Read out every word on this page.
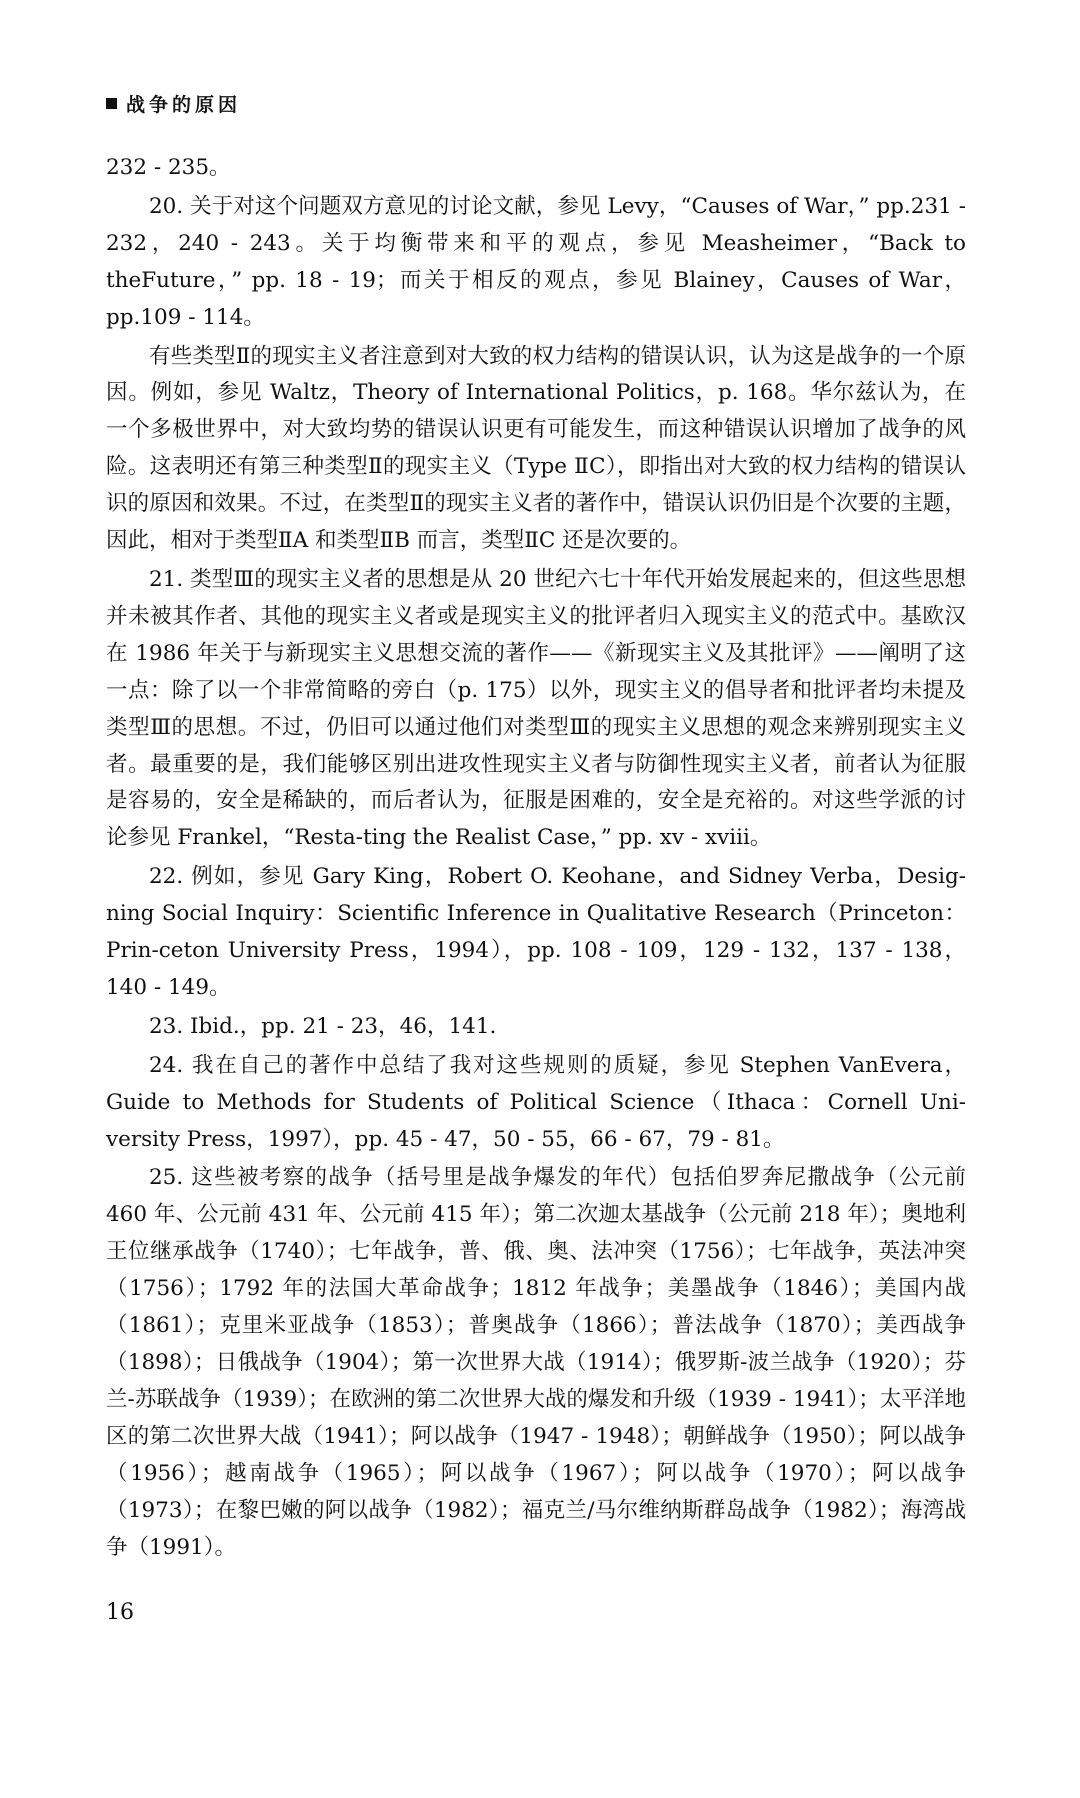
战争的原因
232 - 235。
20. 关于对这个问题双方意见的讨论文献，参见 Levy，“Causes of War，” pp.231 - 232，240 - 243。关于均衡带来和平的观点，参见 Measheimer，“Back to theFuture，” pp. 18 - 19；而关于相反的观点，参见 Blainey，Causes of War，pp.109 - 114。
有些类型Ⅱ的现实主义者注意到对大致的权力结构的错误认识，认为这是战争的一个原因。例如，参见 Waltz，Theory of International Politics，p. 168。华尔兹认为，在一个多极世界中，对大致均势的错误认识更有可能发生，而这种错误认识增加了战争的风险。这表明还有第三种类型Ⅱ的现实主义（Type ⅡC），即指出对大致的权力结构的错误认识的原因和效果。不过，在类型Ⅱ的现实主义者的著作中，错误认识仍旧是个次要的主题，因此，相对于类型ⅡA 和类型ⅡB 而言，类型ⅡC 还是次要的。
21. 类型Ⅲ的现实主义者的思想是从 20 世纪六七十年代开始发展起来的，但这些思想并未被其作者、其他的现实主义者或是现实主义的批评者归入现实主义的范式中。基欧汉在 1986 年关于与新现实主义思想交流的著作——《新现实主义及其批评》——阐明了这一点：除了以一个非常简略的旁白（p. 175）以外，现实主义的倡导者和批评者均未提及类型Ⅲ的思想。不过，仍旧可以通过他们对类型Ⅲ的现实主义思想的观念来辨别现实主义者。最重要的是，我们能够区别出进攻性现实主义者与防御性现实主义者，前者认为征服是容易的，安全是稀缺的，而后者认为，征服是困难的，安全是充裕的。对这些学派的讨论参见 Frankel，“Resta-ting the Realist Case，” pp. xv - xviii。
22. 例如，参见 Gary King，Robert O. Keohane，and Sidney Verba，Desig-ning Social Inquiry：Scientific Inference in Qualitative Research（Princeton：Prin-ceton University Press，1994），pp. 108 - 109，129 - 132，137 - 138，140 - 149。
23. Ibid.，pp. 21 - 23，46，141.
24. 我在自己的著作中总结了我对这些规则的质疑，参见 Stephen VanEvera，Guide to Methods for Students of Political Science（Ithaca：Cornell Uni-versity Press，1997），pp. 45 - 47，50 - 55，66 - 67，79 - 81。
25. 这些被考察的战争（括号里是战争爆发的年代）包括伯罗奔尼撒战争（公元前 460 年、公元前 431 年、公元前 415 年）；第二次迦太基战争（公元前 218 年）；奥地利王位继承战争（1740）；七年战争，普、俄、奥、法冲突（1756）；七年战争，英法冲突（1756）；1792 年的法国大革命战争；1812 年战争；美墨战争（1846）；美国内战（1861）；克里米亚战争（1853）；普奥战争（1866）；普法战争（1870）；美西战争（1898）；日俄战争（1904）；第一次世界大战（1914）；俄罗斯-波兰战争（1920）；芬兰-苏联战争（1939）；在欧洲的第二次世界大战的爆发和升级（1939 - 1941）；太平洋地区的第二次世界大战（1941）；阿以战争（1947 - 1948）；朝鲜战争（1950）；阿以战争（1956）；越南战争（1965）；阿以战争（1967）；阿以战争（1970）；阿以战争（1973）；在黎巴嫩的阿以战争（1982）；福克兰/马尔维纳斯群岛战争（1982）；海湾战争（1991）。
16
